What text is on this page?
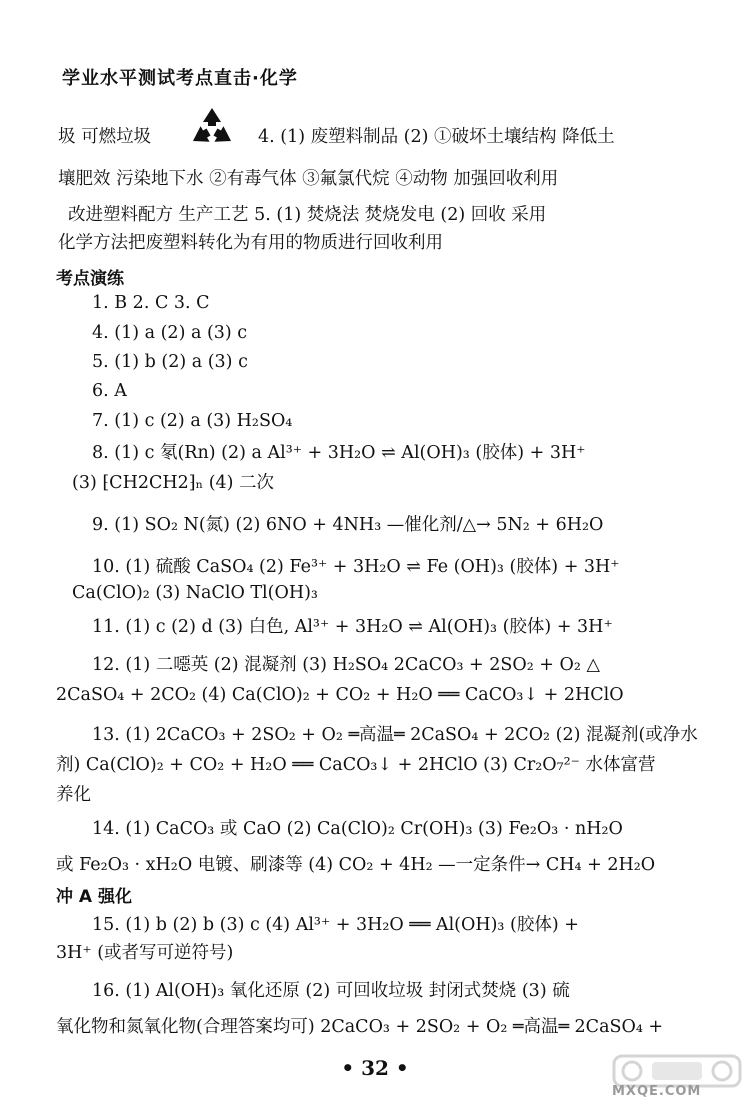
学业水平测试考点直击·化学
圾 可燃垃圾	4. (1) 废塑料制品 (2) ①破坏土壤结构 降低土
壤肥效 污染地下水 ②有毒气体 ③氟氯代烷 ④动物 加强回收利用
改进塑料配方 生产工艺 5. (1) 焚烧法 焚烧发电 (2) 回收 采用
化学方法把废塑料转化为有用的物质进行回收利用
考点演练
1. B 2. C 3. C
4. (1) a (2) a (3) c
5. (1) b (2) a (3) c
6. A
7. (1) c (2) a (3) H₂SO₄
8. (1) c 氡(Rn) (2) a Al³⁺ + 3H₂O ⇌ Al(OH)₃ (胶体) + 3H⁺
(3) ⁅CH2CH2⁆ₙ (4) 二次
9. (1) SO₂ N(氮) (2) 6NO + 4NH₃ —催化剂/△→ 5N₂ + 6H₂O
10. (1) 硫酸 CaSO₄ (2) Fe³⁺ + 3H₂O ⇌ Fe (OH)₃ (胶体) + 3H⁺
Ca(ClO)₂ (3) NaClO Tl(OH)₃
11. (1) c (2) d (3) 白色, Al³⁺ + 3H₂O ⇌ Al(OH)₃ (胶体) + 3H⁺
12. (1) 二噁英 (2) 混凝剂 (3) H₂SO₄ 2CaCO₃ + 2SO₂ + O₂ △
2CaSO₄ + 2CO₂ (4) Ca(ClO)₂ + CO₂ + H₂O ══ CaCO₃↓ + 2HClO
13. (1) 2CaCO₃ + 2SO₂ + O₂ ═高温═ 2CaSO₄ + 2CO₂ (2) 混凝剂(或净水
剂) Ca(ClO)₂ + CO₂ + H₂O ══ CaCO₃↓ + 2HClO (3) Cr₂O₇²⁻ 水体富营
养化
14. (1) CaCO₃ 或 CaO (2) Ca(ClO)₂ Cr(OH)₃ (3) Fe₂O₃ · nH₂O
或 Fe₂O₃ · xH₂O 电镀、刷漆等 (4) CO₂ + 4H₂ —一定条件→ CH₄ + 2H₂O
冲 A 强化
15. (1) b (2) b (3) c (4) Al³⁺ + 3H₂O ══ Al(OH)₃ (胶体) +
3H⁺ (或者写可逆符号)
16. (1) Al(OH)₃ 氧化还原 (2) 可回收垃圾 封闭式焚烧 (3) 硫
氧化物和氮氧化物(合理答案均可) 2CaCO₃ + 2SO₂ + O₂ ═高温═ 2CaSO₄ +
• 32 •
MXQE.COM
